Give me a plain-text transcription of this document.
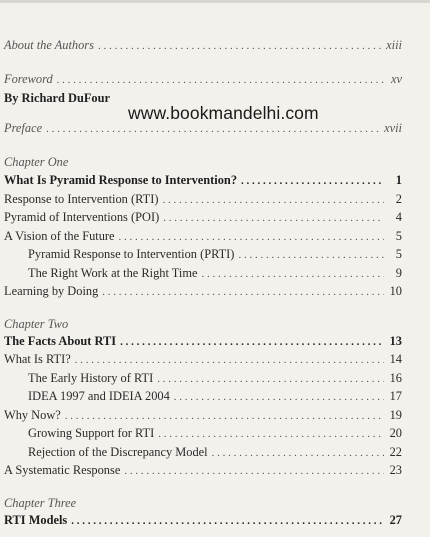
About the Authors . . .	xiii
Foreword . . .	xv
By Richard DuFour
www.bookmandelhi.com
Preface . . .	xvii
Chapter One
What Is Pyramid Response to Intervention? . . .	1
Response to Intervention (RTI) . . .	2
Pyramid of Interventions (POI) . . .	4
A Vision of the Future . . .	5
Pyramid Response to Intervention (PRTI) . . .	5
The Right Work at the Right Time . . .	9
Learning by Doing . . .	10
Chapter Two
The Facts About RTI . . .	13
What Is RTI? . . .	14
The Early History of RTI . . .	16
IDEA 1997 and IDEIA 2004 . . .	17
Why Now? . . .	19
Growing Support for RTI . . .	20
Rejection of the Discrepancy Model . . .	22
A Systematic Response . . .	23
Chapter Three
RTI Models . . .	27
